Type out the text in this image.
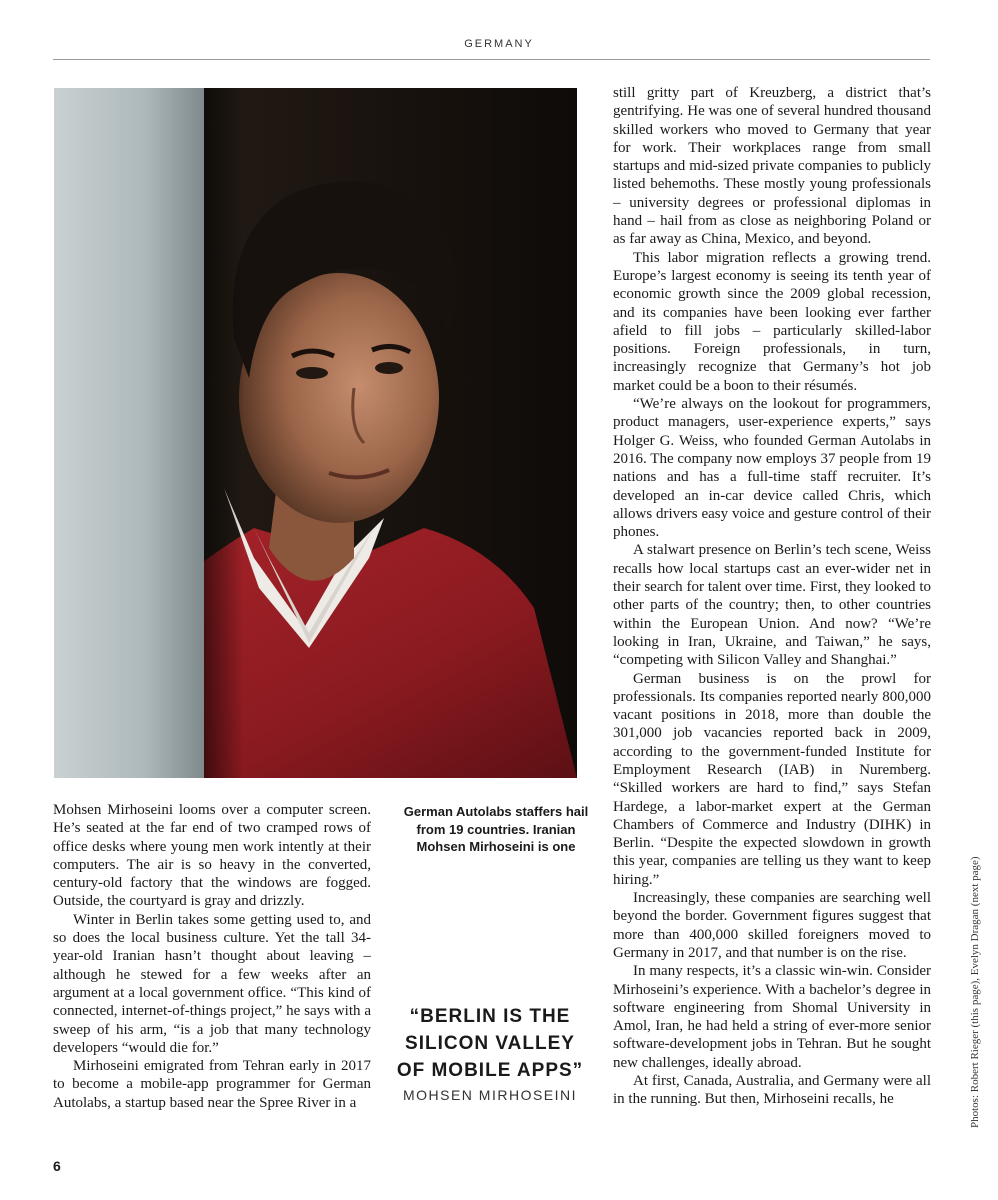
GERMANY

Mohsen Mirhoseini looms over a computer screen. He’s seated at the far end of two cramped rows of office desks where young men work intently at their computers. The air is so heavy in the converted, century-old factory that the windows are fogged. Outside, the courtyard is gray and drizzly.

Winter in Berlin takes some getting used to, and so does the local business culture. Yet the tall 34-year-old Iranian hasn’t thought about leaving – although he stewed for a few weeks after an argument at a local government office. “This kind of connected, internet-of-things project,” he says with a sweep of his arm, “is a job that many technology developers “would die for.”

Mirhoseini emigrated from Tehran early in 2017 to become a mobile-app programmer for German Autolabs, a startup based near the Spree River in a

German Autolabs staffers hail from 19 countries. Iranian Mohsen Mirhoseini is one
“BERLIN IS THE SILICON VALLEY OF MOBILE APPS”
MOHSEN MIRHOSEINI

still gritty part of Kreuzberg, a district that’s gentrifying. He was one of several hundred thousand skilled workers who moved to Germany that year for work. Their workplaces range from small startups and mid-sized private companies to publicly listed behemoths. These mostly young professionals – university degrees or professional diplomas in hand – hail from as close as neighboring Poland or as far away as China, Mexico, and beyond.

This labor migration reflects a growing trend. Europe’s largest economy is seeing its tenth year of economic growth since the 2009 global recession, and its companies have been looking ever farther afield to fill jobs – particularly skilled-labor positions. Foreign professionals, in turn, increasingly recognize that Germany’s hot job market could be a boon to their résumés.

“We’re always on the lookout for programmers, product managers, user-experience experts,” says Holger G. Weiss, who founded German Autolabs in 2016. The company now employs 37 people from 19 nations and has a full-time staff recruiter. It’s developed an in-car device called Chris, which allows drivers easy voice and gesture control of their phones.

A stalwart presence on Berlin’s tech scene, Weiss recalls how local startups cast an ever-wider net in their search for talent over time. First, they looked to other parts of the country; then, to other countries within the European Union. And now? “We’re looking in Iran, Ukraine, and Taiwan,” he says, “competing with Silicon Valley and Shanghai.”

German business is on the prowl for professionals. Its companies reported nearly 800,000 vacant positions in 2018, more than double the 301,000 job vacancies reported back in 2009, according to the government-funded Institute for Employment Research (IAB) in Nuremberg. “Skilled workers are hard to find,” says Stefan Hardege, a labor-market expert at the German Chambers of Commerce and Industry (DIHK) in Berlin. “Despite the expected slowdown in growth this year, companies are telling us they want to keep hiring.”

Increasingly, these companies are searching well beyond the border. Government figures suggest that more than 400,000 skilled foreigners moved to Germany in 2017, and that number is on the rise.

In many respects, it’s a classic win-win. Consider Mirhoseini’s experience. With a bachelor’s degree in software engineering from Shomal University in Amol, Iran, he had held a string of ever-more senior software-development jobs in Tehran. But he sought new challenges, ideally abroad.

At first, Canada, Australia, and Germany were all in the running. But then, Mirhoseini recalls, he

6
Photos: Robert Rieger (this page), Evelyn Dragan (next page)
